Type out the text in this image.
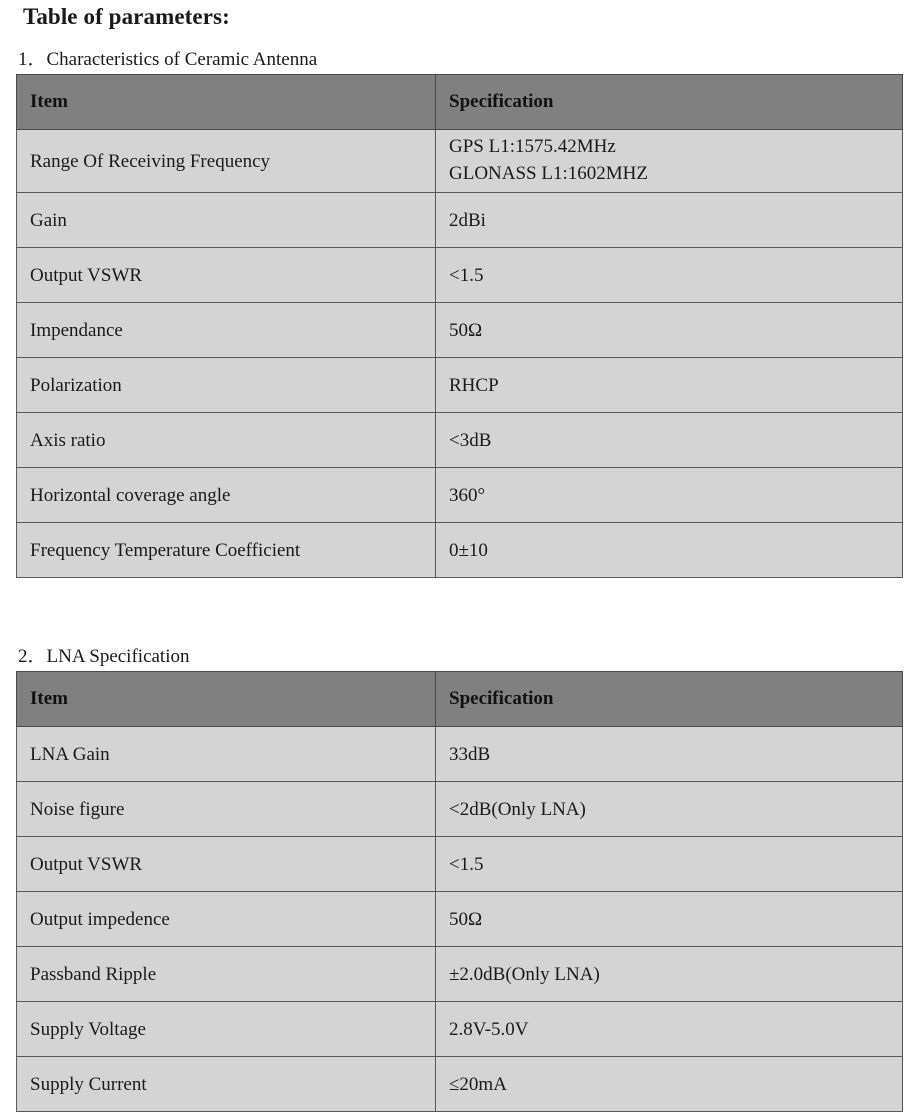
Table of parameters:
1．Characteristics of Ceramic Antenna
Item	Specification
Range Of Receiving Frequency	GPS L1:1575.42MHz
GLONASS L1:1602MHZ

Gain	2dBi
Output VSWR	<1.5
Impendance	50Ω
Polarization	RHCP
Axis ratio	<3dB
Horizontal coverage angle	360°
Frequency Temperature Coefficient	0±10
2．LNA Specification
Item	Specification
LNA Gain	33dB
Noise figure	<2dB(Only LNA)
Output VSWR	<1.5
Output impedence	50Ω
Passband Ripple	±2.0dB(Only LNA)
Supply Voltage	2.8V-5.0V
Supply Current	≤20mA
